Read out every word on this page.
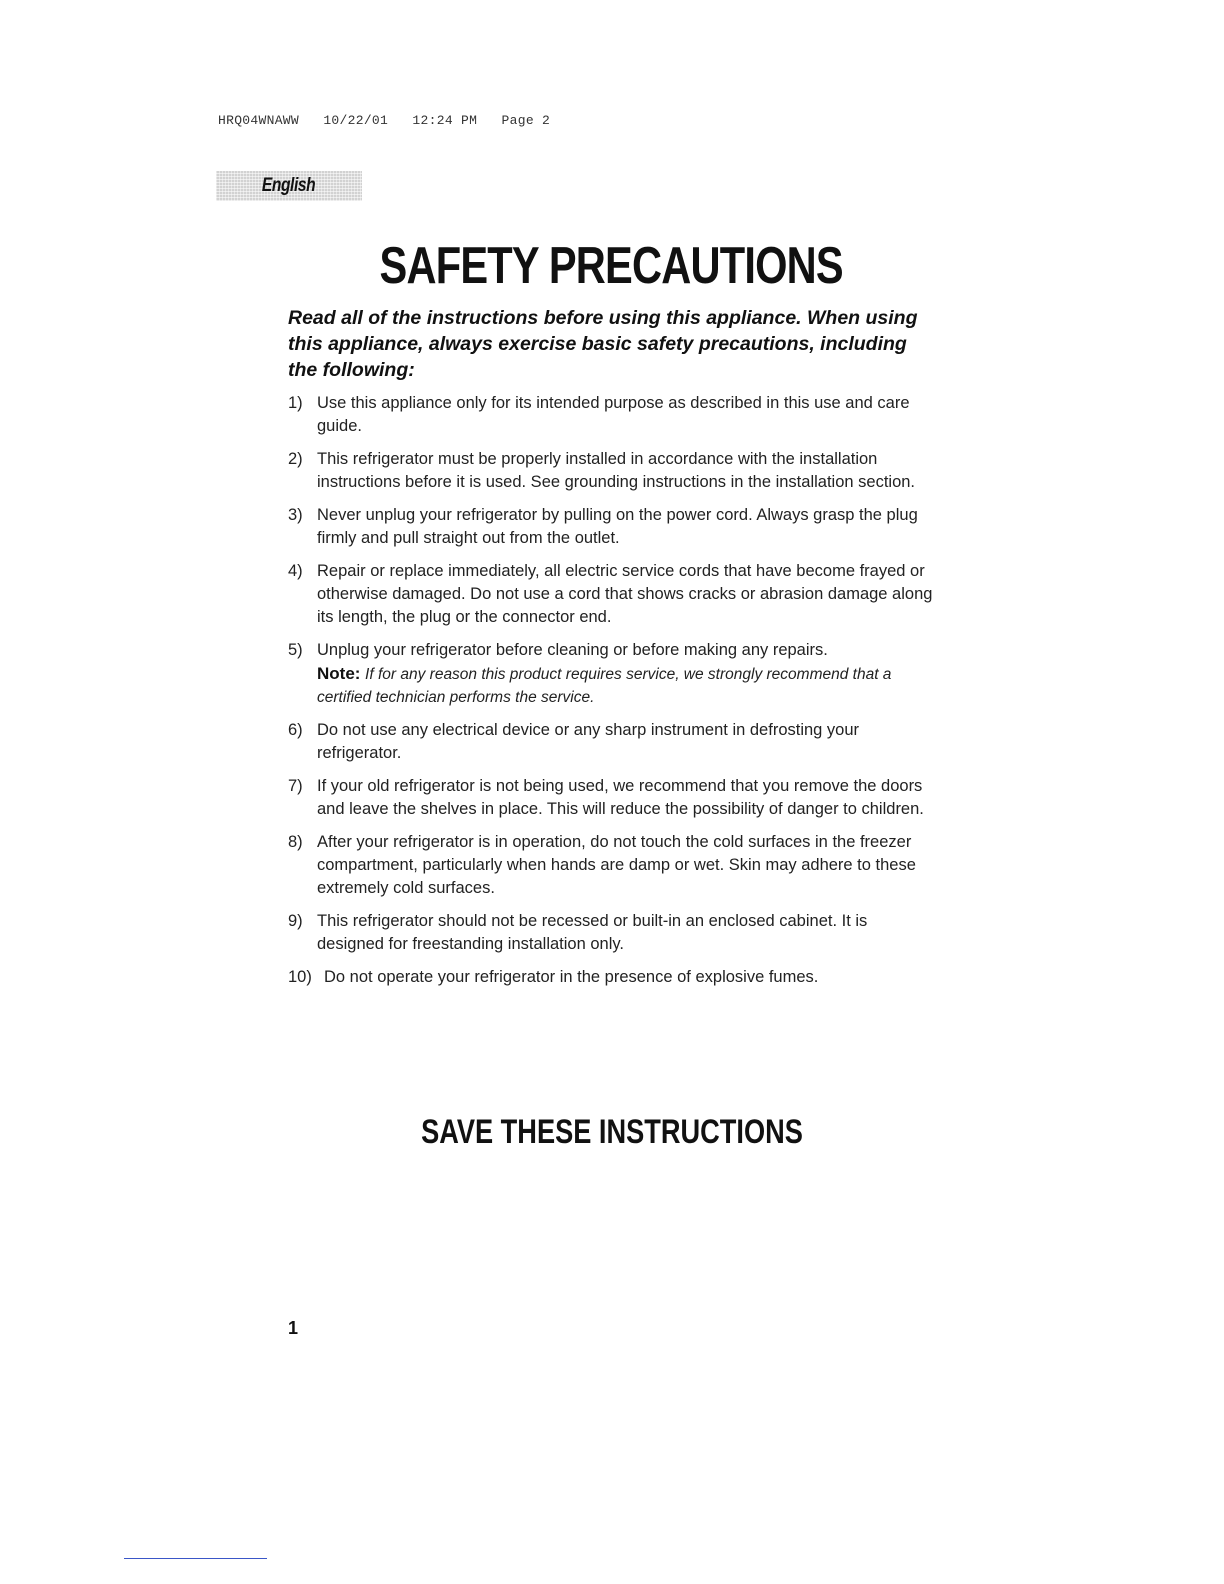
HRQ04WNAWW   10/22/01   12:24 PM   Page 2
English
SAFETY PRECAUTIONS

Read all of the instructions before using this appliance. When using this appliance, always exercise basic safety precautions, including the following:

1) Use this appliance only for its intended purpose as described in this use and care guide.
2) This refrigerator must be properly installed in accordance with the installation instructions before it is used. See grounding instructions in the installation section.
3) Never unplug your refrigerator by pulling on the power cord. Always grasp the plug firmly and pull straight out from the outlet.
4) Repair or replace immediately, all electric service cords that have become frayed or otherwise damaged. Do not use a cord that shows cracks or abrasion damage along its length, the plug or the connector end.
5) Unplug your refrigerator before cleaning or before making any repairs.
Note: If for any reason this product requires service, we strongly recommend that a certified technician performs the service.
6) Do not use any electrical device or any sharp instrument in defrosting your refrigerator.
7) If your old refrigerator is not being used, we recommend that you remove the doors and leave the shelves in place. This will reduce the possibility of danger to children.
8) After your refrigerator is in operation, do not touch the cold surfaces in the freezer compartment, particularly when hands are damp or wet. Skin may adhere to these extremely cold surfaces.
9) This refrigerator should not be recessed or built-in an enclosed cabinet. It is designed for freestanding installation only.
10) Do not operate your refrigerator in the presence of explosive fumes.
SAVE THESE INSTRUCTIONS
1
